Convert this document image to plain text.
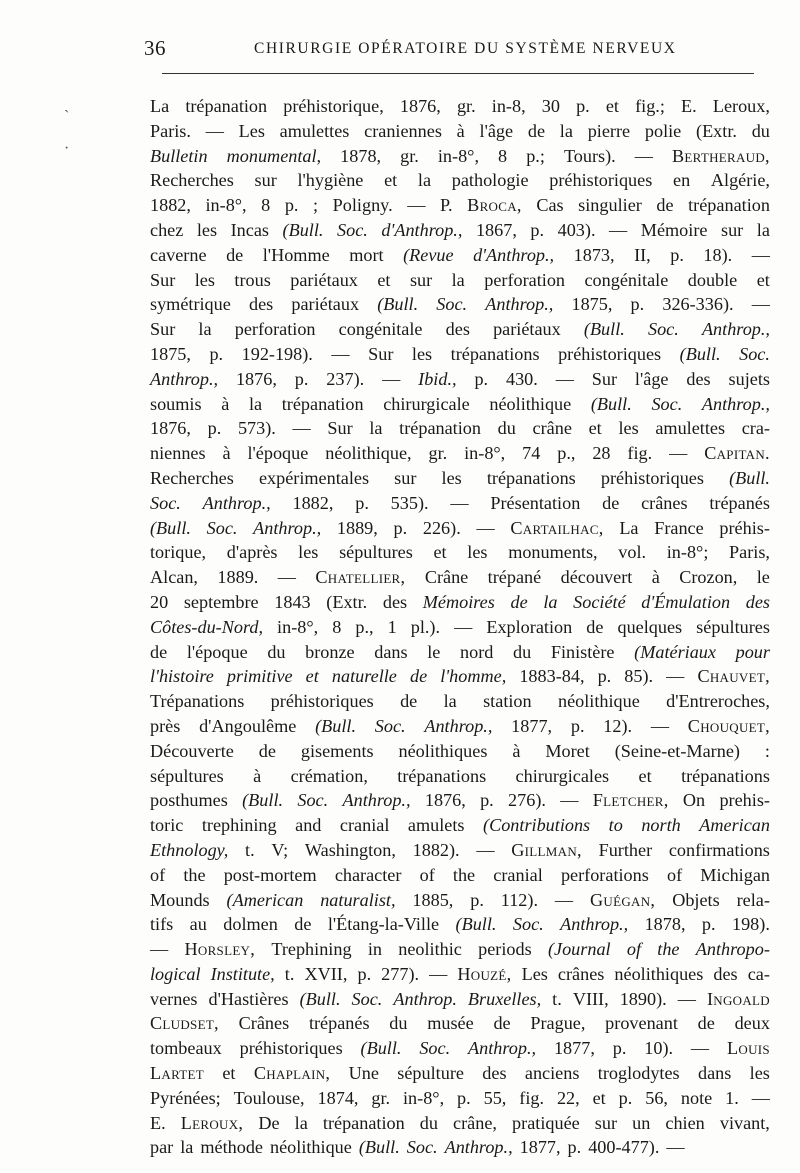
36	CHIRURGIE OPÉRATOIRE DU SYSTÈME NERVEUX
`
·
La trépanation préhistorique, 1876, gr. in-8, 30 p. et fig.; E. Leroux,
Paris. — Les amulettes craniennes à l'âge de la pierre polie (Extr. du
Bulletin monumental, 1878, gr. in-8°, 8 p.; Tours). — Bertheraud,
Recherches sur l'hygiène et la pathologie préhistoriques en Algérie,
1882, in-8°, 8 p. ; Poligny. — P. Broca, Cas singulier de trépanation
chez les Incas (Bull. Soc. d'Anthrop., 1867, p. 403). — Mémoire sur la
caverne de l'Homme mort (Revue d'Anthrop., 1873, II, p. 18). —
Sur les trous pariétaux et sur la perforation congénitale double et
symétrique des pariétaux (Bull. Soc. Anthrop., 1875, p. 326-336). —
Sur la perforation congénitale des pariétaux (Bull. Soc. Anthrop.,
1875, p. 192-198). — Sur les trépanations préhistoriques (Bull. Soc.
Anthrop., 1876, p. 237). — Ibid., p. 430. — Sur l'âge des sujets
soumis à la trépanation chirurgicale néolithique (Bull. Soc. Anthrop.,
1876, p. 573). — Sur la trépanation du crâne et les amulettes cra-
niennes à l'époque néolithique, gr. in-8°, 74 p., 28 fig. — Capitan.
Recherches expérimentales sur les trépanations préhistoriques (Bull.
Soc. Anthrop., 1882, p. 535). — Présentation de crânes trépanés
(Bull. Soc. Anthrop., 1889, p. 226). — Cartailhac, La France préhis-
torique, d'après les sépultures et les monuments, vol. in-8°; Paris,
Alcan, 1889. — Chatellier, Crâne trépané découvert à Crozon, le
20 septembre 1843 (Extr. des Mémoires de la Société d'Émulation des
Côtes-du-Nord, in-8°, 8 p., 1 pl.). — Exploration de quelques sépultures
de l'époque du bronze dans le nord du Finistère (Matériaux pour
l'histoire primitive et naturelle de l'homme, 1883-84, p. 85). — Chauvet,
Trépanations préhistoriques de la station néolithique d'Entreroches,
près d'Angoulême (Bull. Soc. Anthrop., 1877, p. 12). — Chouquet,
Découverte de gisements néolithiques à Moret (Seine-et-Marne) :
sépultures à crémation, trépanations chirurgicales et trépanations
posthumes (Bull. Soc. Anthrop., 1876, p. 276). — Fletcher, On prehis-
toric trephining and cranial amulets (Contributions to north American
Ethnology, t. V; Washington, 1882). — Gillman, Further confirmations
of the post-mortem character of the cranial perforations of Michigan
Mounds (American naturalist, 1885, p. 112). — Guégan, Objets rela-
tifs au dolmen de l'Étang-la-Ville (Bull. Soc. Anthrop., 1878, p. 198).
— Horsley, Trephining in neolithic periods (Journal of the Anthropo-
logical Institute, t. XVII, p. 277). — Houzé, Les crânes néolithiques des ca-
vernes d'Hastières (Bull. Soc. Anthrop. Bruxelles, t. VIII, 1890). — Ingoald
Cludset, Crânes trépanés du musée de Prague, provenant de deux
tombeaux préhistoriques (Bull. Soc. Anthrop., 1877, p. 10). — Louis
Lartet et Chaplain, Une sépulture des anciens troglodytes dans les
Pyrénées; Toulouse, 1874, gr. in-8°, p. 55, fig. 22, et p. 56, note 1. —
E. Leroux, De la trépanation du crâne, pratiquée sur un chien vivant,
par la méthode néolithique (Bull. Soc. Anthrop., 1877, p. 400-477). —
